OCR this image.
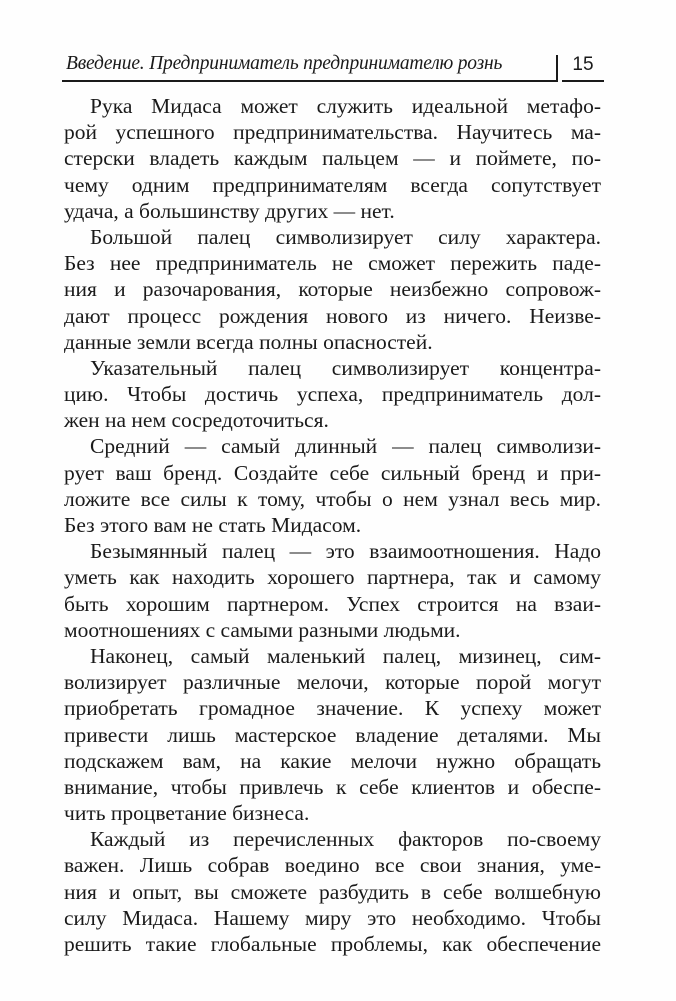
Введение. Предприниматель предпринимателю рознь	15
Рука Мидаса может служить идеальной метафо-
рой успешного предпринимательства. Научитесь ма-
стерски владеть каждым пальцем — и поймете, по-
чему одним предпринимателям всегда сопутствует
удача, а большинству других — нет.
Большой палец символизирует силу характера.
Без нее предприниматель не сможет пережить паде-
ния и разочарования, которые неизбежно сопровож-
дают процесс рождения нового из ничего. Неизве-
данные земли всегда полны опасностей.
Указательный палец символизирует концентра-
цию. Чтобы достичь успеха, предприниматель дол-
жен на нем сосредоточиться.
Средний — самый длинный — палец символизи-
рует ваш бренд. Создайте себе сильный бренд и при-
ложите все силы к тому, чтобы о нем узнал весь мир.
Без этого вам не стать Мидасом.
Безымянный палец — это взаимоотношения. Надо
уметь как находить хорошего партнера, так и самому
быть хорошим партнером. Успех строится на взаи-
моотношениях с самыми разными людьми.
Наконец, самый маленький палец, мизинец, сим-
волизирует различные мелочи, которые порой могут
приобретать громадное значение. К успеху может
привести лишь мастерское владение деталями. Мы
подскажем вам, на какие мелочи нужно обращать
внимание, чтобы привлечь к себе клиентов и обеспе-
чить процветание бизнеса.
Каждый из перечисленных факторов по-своему
важен. Лишь собрав воедино все свои знания, уме-
ния и опыт, вы сможете разбудить в себе волшебную
силу Мидаса. Нашему миру это необходимо. Чтобы
решить такие глобальные проблемы, как обеспечение
